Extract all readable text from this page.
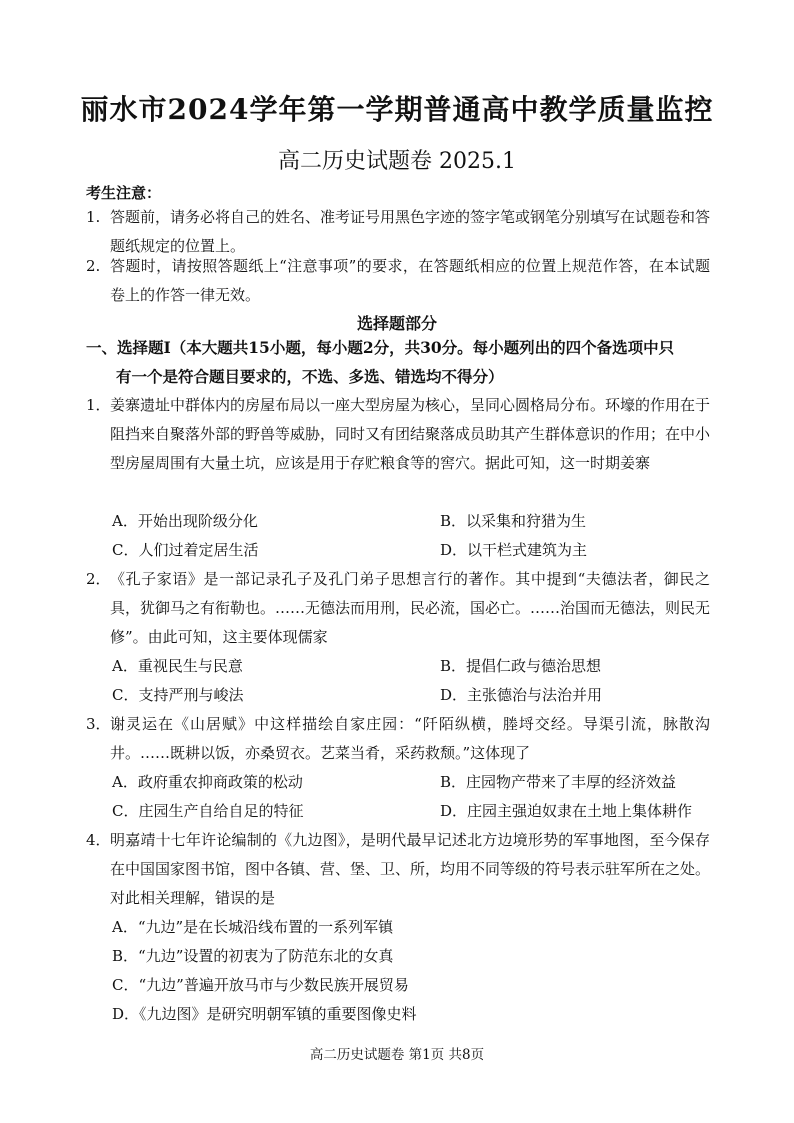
丽水市2024学年第一学期普通高中教学质量监控
高二历史试题卷 2025.1
考生注意：
1. 答题前，请务必将自己的姓名、准考证号用黑色字迹的签字笔或钢笔分别填写在试题卷和答题纸规定的位置上。
2. 答题时，请按照答题纸上“注意事项”的要求，在答题纸相应的位置上规范作答，在本试题卷上的作答一律无效。
选择题部分
一、选择题Ⅰ（本大题共15小题，每小题2分，共30分。每小题列出的四个备选项中只
有一个是符合题目要求的，不选、多选、错选均不得分）
1． 姜寨遗址中群体内的房屋布局以一座大型房屋为核心，呈同心圆格局分布。环壕的作用在于阻挡来自聚落外部的野兽等威胁，同时又有团结聚落成员助其产生群体意识的作用；在中小型房屋周围有大量土坑，应该是用于存贮粮食等的窖穴。据此可知，这一时期姜寨
A．开始出现阶级分化	B．以采集和狩猎为生
C．人们过着定居生活	D．以干栏式建筑为主
2． 《孔子家语》是一部记录孔子及孔门弟子思想言行的著作。其中提到“夫德法者，御民之具，犹御马之有衔勒也。……无德法而用刑，民必流，国必亡。……治国而无德法，则民无修”。由此可知，这主要体现儒家
A．重视民生与民意	B．提倡仁政与德治思想
C．支持严刑与峻法	D．主张德治与法治并用
3． 谢灵运在《山居赋》中这样描绘自家庄园：“阡陌纵横，塍埒交经。导渠引流，脉散沟井。……既耕以饭，亦桑贸衣。艺菜当肴，采药救颓。”这体现了
A．政府重农抑商政策的松动	B．庄园物产带来了丰厚的经济效益
C．庄园生产自给自足的特征	D．庄园主强迫奴隶在土地上集体耕作
4． 明嘉靖十七年许论编制的《九边图》，是明代最早记述北方边境形势的军事地图，至今保存在中国国家图书馆，图中各镇、营、堡、卫、所，均用不同等级的符号表示驻军所在之处。对此相关理解，错误的是
A．“九边”是在长城沿线布置的一系列军镇
B．“九边”设置的初衷为了防范东北的女真
C．“九边”普遍开放马市与少数民族开展贸易
D．《九边图》是研究明朝军镇的重要图像史料
高二历史试题卷 第1页 共8页
